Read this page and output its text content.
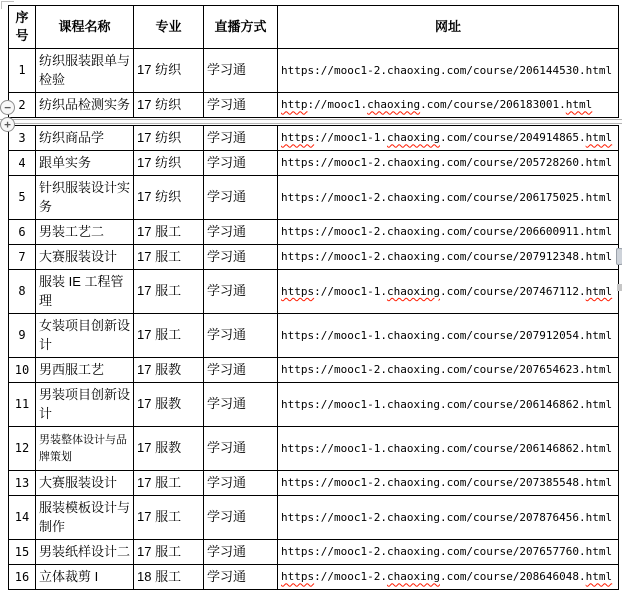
序号	课程名称	专业	直播方式	网址
1	纺织服装跟单与检验	17 纺织	学习通	https://mooc1-2.chaoxing.com/course/206144530.html
2	纺织品检测实务	17 纺织	学习通	http://mooc1.chaoxing.com/course/206183001.html
3	纺织商品学	17 纺织	学习通	https://mooc1-1.chaoxing.com/course/204914865.html
4	跟单实务	17 纺织	学习通	https://mooc1-2.chaoxing.com/course/205728260.html
5	针织服装设计实务	17 纺织	学习通	https://mooc1-2.chaoxing.com/course/206175025.html
6	男装工艺二	17 服工	学习通	https://mooc1-2.chaoxing.com/course/206600911.html
7	大赛服装设计	17 服工	学习通	https://mooc1-2.chaoxing.com/course/207912348.html
8	服装 IE 工程管理	17 服工	学习通	https://mooc1-1.chaoxing.com/course/207467112.html
9	女装项目创新设计	17 服工	学习通	https://mooc1-1.chaoxing.com/course/207912054.html
10	男西服工艺	17 服教	学习通	https://mooc1-2.chaoxing.com/course/207654623.html
11	男装项目创新设计	17 服教	学习通	https://mooc1-1.chaoxing.com/course/206146862.html
12	男装整体设计与品牌策划	17 服教	学习通	https://mooc1-1.chaoxing.com/course/206146862.html
13	大赛服装设计	17 服工	学习通	https://mooc1-2.chaoxing.com/course/207385548.html
14	服装模板设计与制作	17 服工	学习通	https://mooc1-2.chaoxing.com/course/207876456.html
15	男装纸样设计二	17 服工	学习通	https://mooc1-2.chaoxing.com/course/207657760.html
16	立体裁剪 I	18 服工	学习通	https://mooc1-2.chaoxing.com/course/208646048.html
−
+
